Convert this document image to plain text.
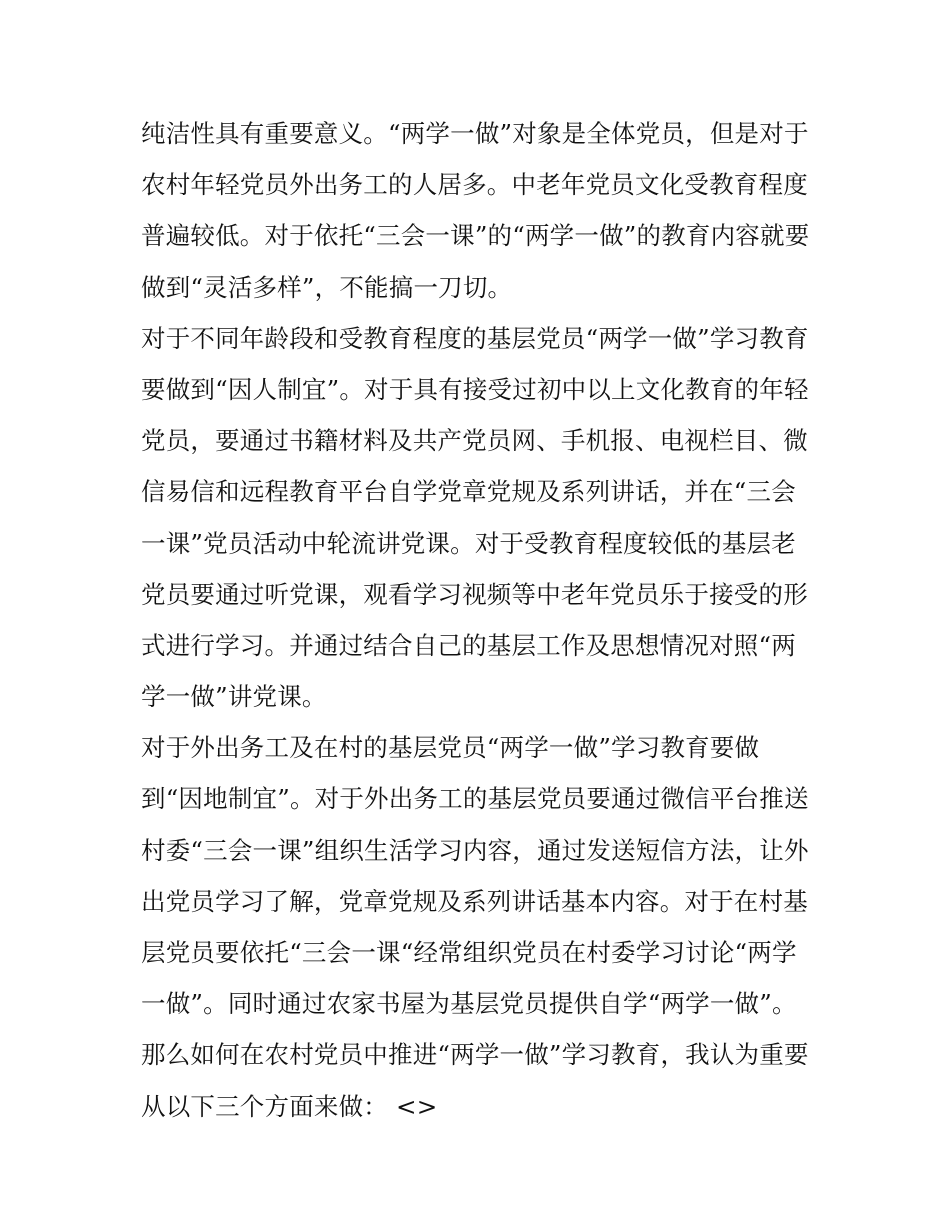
纯洁性具有重要意义。“两学一做”对象是全体党员，但是对于
农村年轻党员外出务工的人居多。中老年党员文化受教育程度
普遍较低。对于依托“三会一课”的“两学一做”的教育内容就要
做到“灵活多样”，不能搞一刀切。
对于不同年龄段和受教育程度的基层党员“两学一做”学习教育
要做到“因人制宜”。对于具有接受过初中以上文化教育的年轻
党员，要通过书籍材料及共产党员网、手机报、电视栏目、微
信易信和远程教育平台自学党章党规及系列讲话，并在“三会
一课”党员活动中轮流讲党课。对于受教育程度较低的基层老
党员要通过听党课，观看学习视频等中老年党员乐于接受的形
式进行学习。并通过结合自己的基层工作及思想情况对照“两
学一做”讲党课。
对于外出务工及在村的基层党员“两学一做”学习教育要做
到“因地制宜”。对于外出务工的基层党员要通过微信平台推送
村委“三会一课”组织生活学习内容，通过发送短信方法，让外
出党员学习了解，党章党规及系列讲话基本内容。对于在村基
层党员要依托“三会一课“经常组织党员在村委学习讨论“两学
一做”。同时通过农家书屋为基层党员提供自学“两学一做”。
那么如何在农村党员中推进“两学一做”学习教育，我认为重要
从以下三个方面来做： <>
